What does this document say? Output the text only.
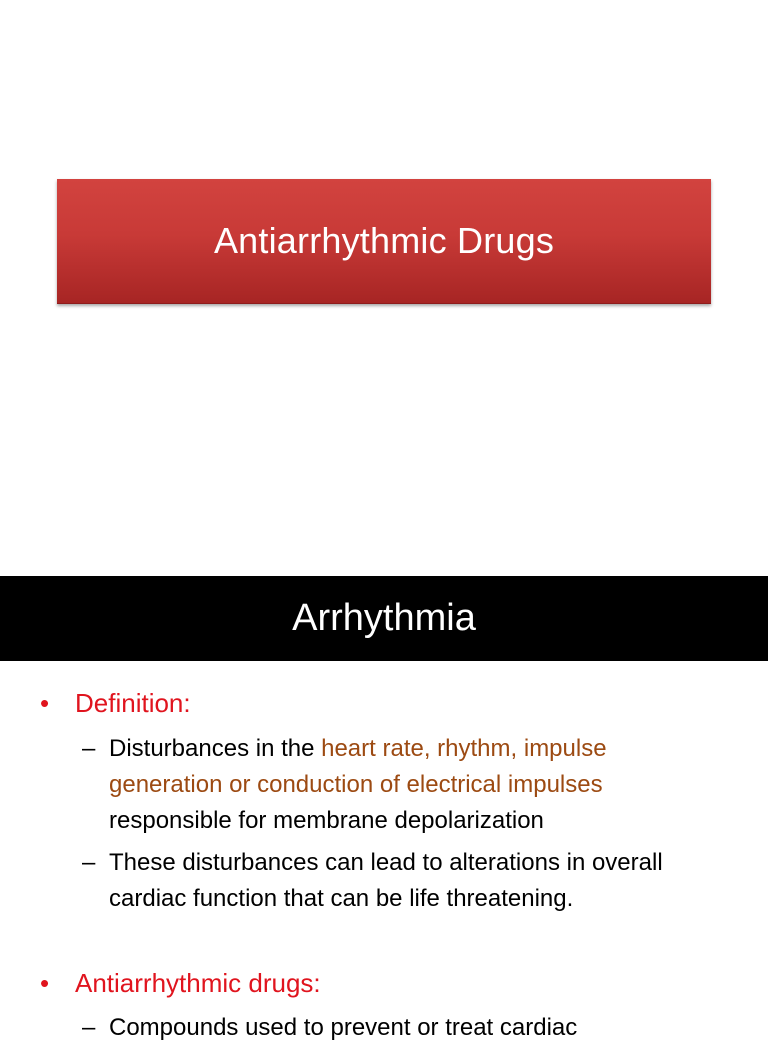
Antiarrhythmic Drugs
Arrhythmia
• Definition:
– Disturbances in the heart rate, rhythm, impulse generation or conduction of electrical impulses responsible for membrane depolarization
– These disturbances can lead to alterations in overall cardiac function that can be life threatening.
• Antiarrhythmic drugs:
– Compounds used to prevent or treat cardiac
